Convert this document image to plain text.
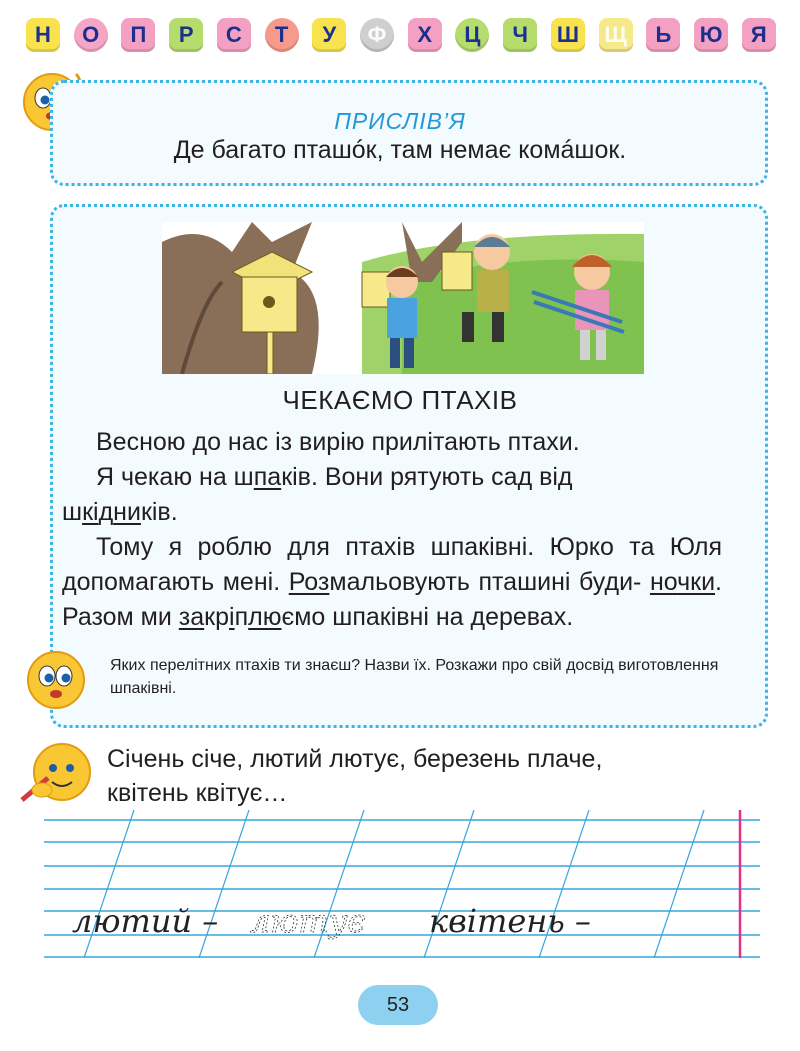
Н	О	П	Р	С	Т	У	Ф	Х	Ц	Ч	Ш Щ	Ь	Ю	Я
ПРИСЛІВ’Я
Де багато пташóк, там немає комáшок.
ЧЕКАЄМО ПТАХІВ
Весною до нас із вирію прилітають птахи.
Я чекаю на шпаків. Вони рятують сад від
шкідників.
Тому я роблю для птахів шпаківні. Юрко та Юля допомагають мені. Розмальовують пташині буди- ночки. Разом ми закріплюємо шпаківні на деревах.
Яких перелітних птахів ти знаєш? Назви їх. Розкажи про свій досвід виготовлення шпаківні.
Січень січе, лютий лютує, березень плаче,
квітень квітує…
лютий – лютує квітень –
53
